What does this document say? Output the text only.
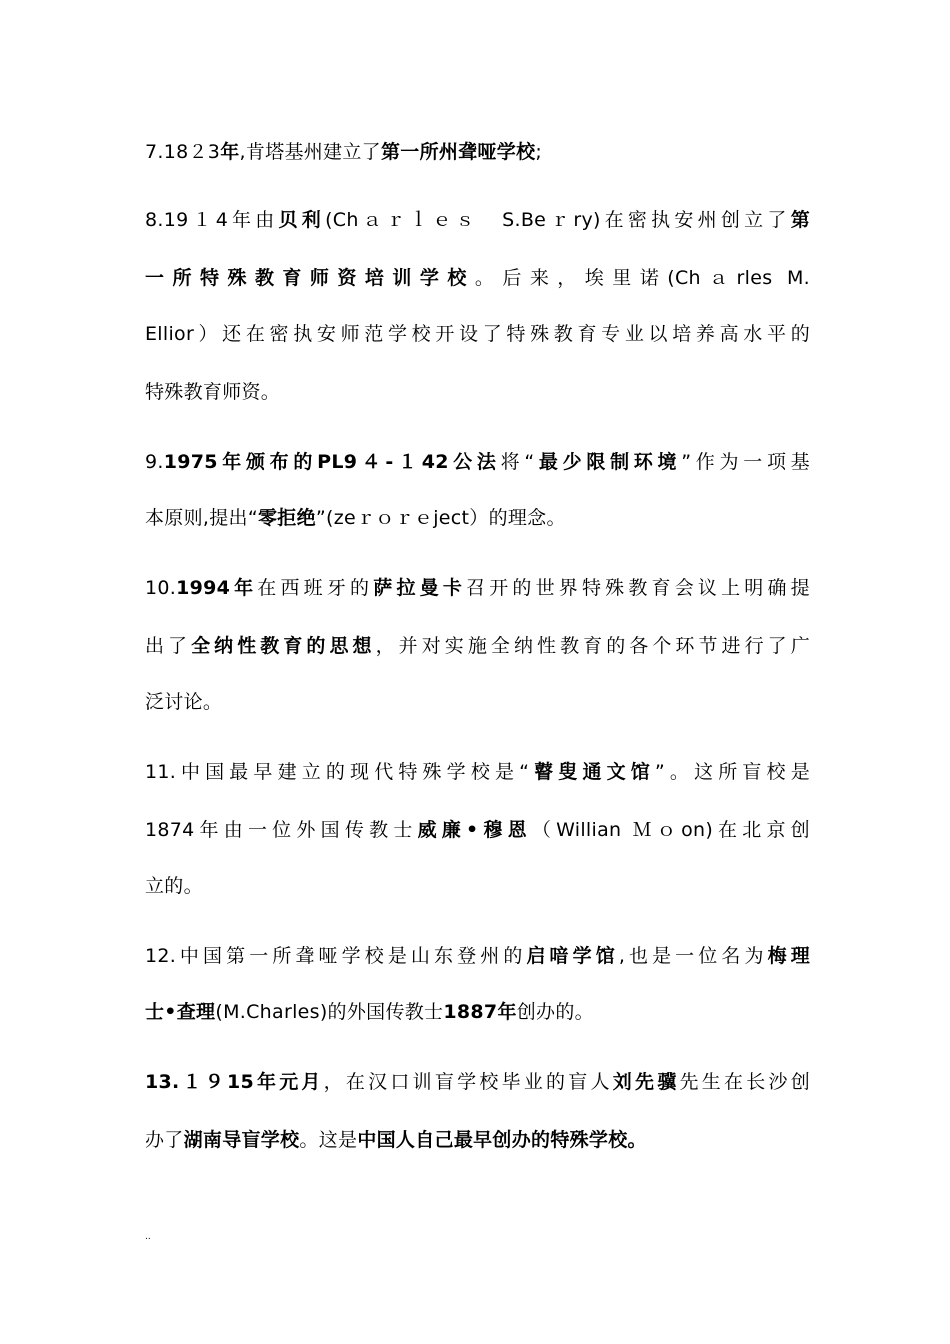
7.18２3年,肯塔基州建立了第一所州聋哑学校;
8.19１4年由贝利(Chａｒｌｅｓ　S.Beｒry)在密执安州创立了第
一所特殊教育师资培训学校。后来，埃里诺(Chａrles M.
Ellior）还在密执安师范学校开设了特殊教育专业以培养高水平的
特殊教育师资。
9.1975年颁布的PL9４-１42公法将“最少限制环境”作为一项基
本原则,提出“零拒绝”(zeｒｏｒｅject）的理念。
10.1994年在西班牙的萨拉曼卡召开的世界特殊教育会议上明确提
出了全纳性教育的思想，并对实施全纳性教育的各个环节进行了广
泛讨论。
11.中国最早建立的现代特殊学校是“瞽叟通文馆”。这所盲校是
1874年由一位外国传教士威廉•穆恩（Willian Ｍｏon)在北京创
立的。
12.中国第一所聋哑学校是山东登州的启喑学馆,也是一位名为梅理
士•查理(M.Charles)的外国传教士1887年创办的。
13.１９15年元月，在汉口训盲学校毕业的盲人刘先骥先生在长沙创
办了湖南导盲学校。这是中国人自己最早创办的特殊学校。
..
